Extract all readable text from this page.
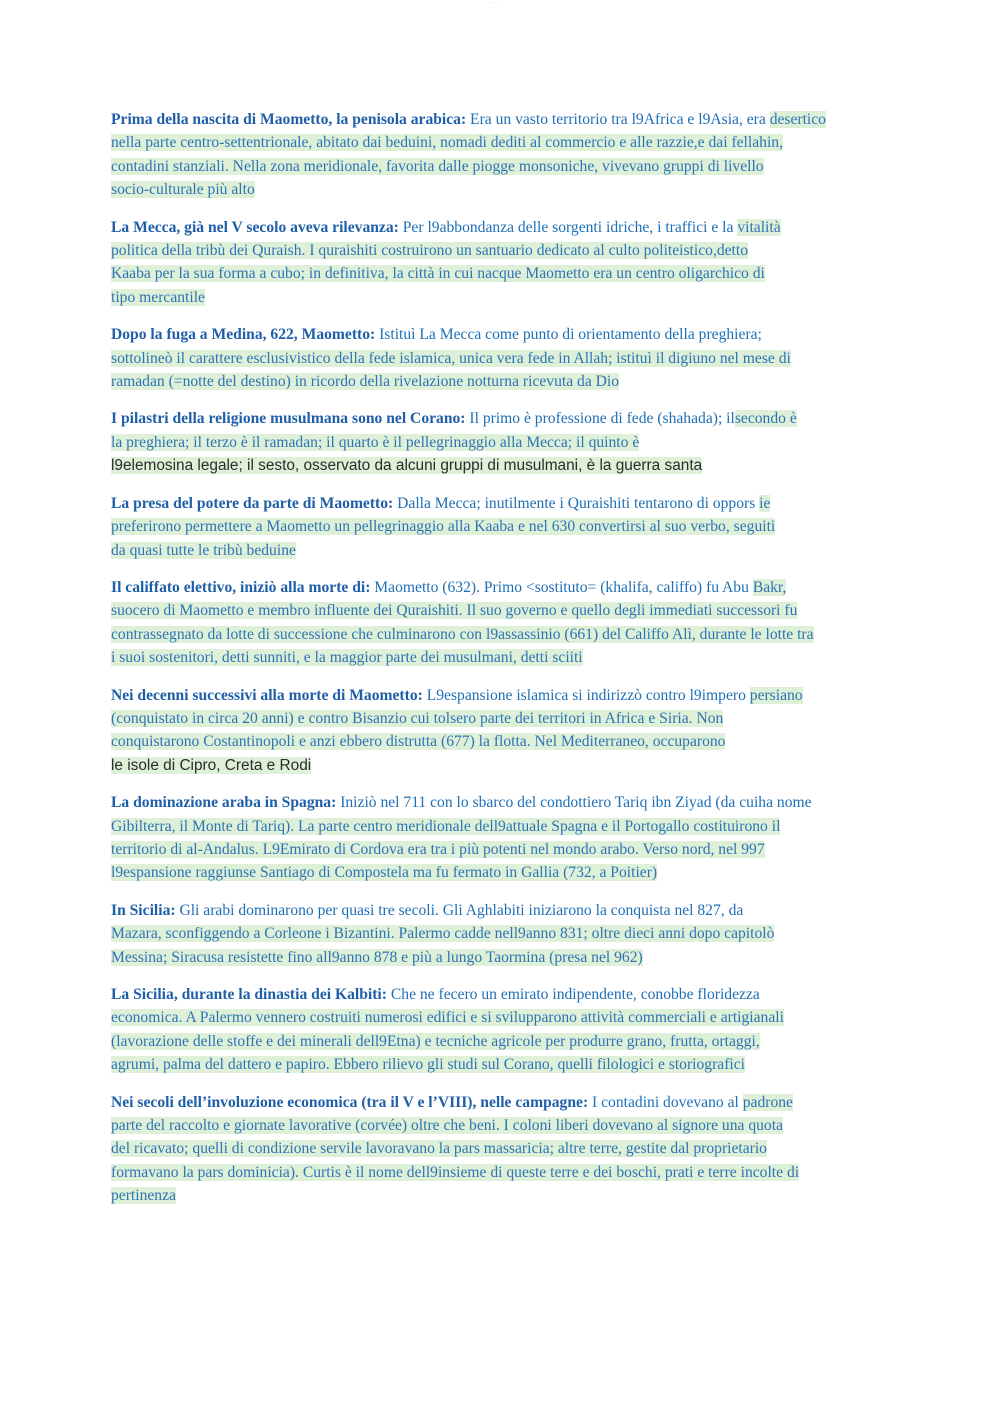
· · · · ·
Prima della nascita di Maometto, la penisola arabica: Era un vasto territorio tra l9Africa e l9Asia, era desertico
nella parte centro-settentrionale, abitato dai beduini, nomadi dediti al commercio e alle razzie,e dai fellahin,
contadini stanziali. Nella zona meridionale, favorita dalle piogge monsoniche, vivevano gruppi di livello
socio-culturale più alto
La Mecca, già nel V secolo aveva rilevanza: Per l9abbondanza delle sorgenti idriche, i traffici e la vitalità
politica della tribù dei Quraish. I quraishiti costruirono un santuario dedicato al culto politeistico,detto
Kaaba per la sua forma a cubo; in definitiva, la città in cui nacque Maometto era un centro oligarchico di
tipo mercantile
Dopo la fuga a Medina, 622, Maometto: Istituì La Mecca come punto di orientamento della preghiera;
sottolineò il carattere esclusivistico della fede islamica, unica vera fede in Allah; istituì il digiuno nel mese di
ramadan (=notte del destino) in ricordo della rivelazione notturna ricevuta da Dio
I pilastri della religione musulmana sono nel Corano: Il primo è professione di fede (shahada); ilsecondo è
la preghiera; il terzo è il ramadan; il quarto è il pellegrinaggio alla Mecca; il quinto è
l9elemosina legale; il sesto, osservato da alcuni gruppi di musulmani, è la guerra santa
La presa del potere da parte di Maometto: Dalla Mecca; inutilmente i Quraishiti tentarono di oppors ie
preferirono permettere a Maometto un pellegrinaggio alla Kaaba e nel 630 convertirsi al suo verbo, seguiti
da quasi tutte le tribù beduine
Il califfato elettivo, iniziò alla morte di: Maometto (632). Primo <sostituto= (khalifa, califfo) fu Abu Bakr,
suocero di Maometto e membro influente dei Quraishiti. Il suo governo e quello degli immediati successori fu
contrassegnato da lotte di successione che culminarono con l9assassinio (661) del Califfo Alì, durante le lotte tra
i suoi sostenitori, detti sunniti, e la maggior parte dei musulmani, detti sciiti
Nei decenni successivi alla morte di Maometto: L9espansione islamica si indirizzò contro l9impero persiano
(conquistato in circa 20 anni) e contro Bisanzio cui tolsero parte dei territori in Africa e Siria. Non
conquistarono Costantinopoli e anzi ebbero distrutta (677) la flotta. Nel Mediterraneo, occuparono
le isole di Cipro, Creta e Rodi
La dominazione araba in Spagna: Iniziò nel 711 con lo sbarco del condottiero Tariq ibn Ziyad (da cuiha nome
Gibilterra, il Monte di Tariq). La parte centro meridionale dell9attuale Spagna e il Portogallo costituirono il
territorio di al-Andalus. L9Emirato di Cordova era tra i più potenti nel mondo arabo. Verso nord, nel 997
l9espansione raggiunse Santiago di Compostela ma fu fermato in Gallia (732, a Poitier)
In Sicilia: Gli arabi dominarono per quasi tre secoli. Gli Aghlabiti iniziarono la conquista nel 827, da
Mazara, sconfiggendo a Corleone i Bizantini. Palermo cadde nell9anno 831; oltre dieci anni dopo capitolò
Messina; Siracusa resistette fino all9anno 878 e più a lungo Taormina (presa nel 962)
La Sicilia, durante la dinastia dei Kalbiti: Che ne fecero un emirato indipendente, conobbe floridezza
economica. A Palermo vennero costruiti numerosi edifici e si svilupparono attività commerciali e artigianali
(lavorazione delle stoffe e dei minerali dell9Etna) e tecniche agricole per produrre grano, frutta, ortaggi,
agrumi, palma del dattero e papiro. Ebbero rilievo gli studi sul Corano, quelli filologici e storiografici
Nei secoli dell’involuzione economica (tra il V e l’VIII), nelle campagne: I contadini dovevano al padrone
parte del raccolto e giornate lavorative (corvée) oltre che beni. I coloni liberi dovevano al signore una quota
del ricavato; quelli di condizione servile lavoravano la pars massaricia; altre terre, gestite dal proprietario
formavano la pars dominicia). Curtis è il nome dell9insieme di queste terre e dei boschi, prati e terre incolte di
pertinenza
